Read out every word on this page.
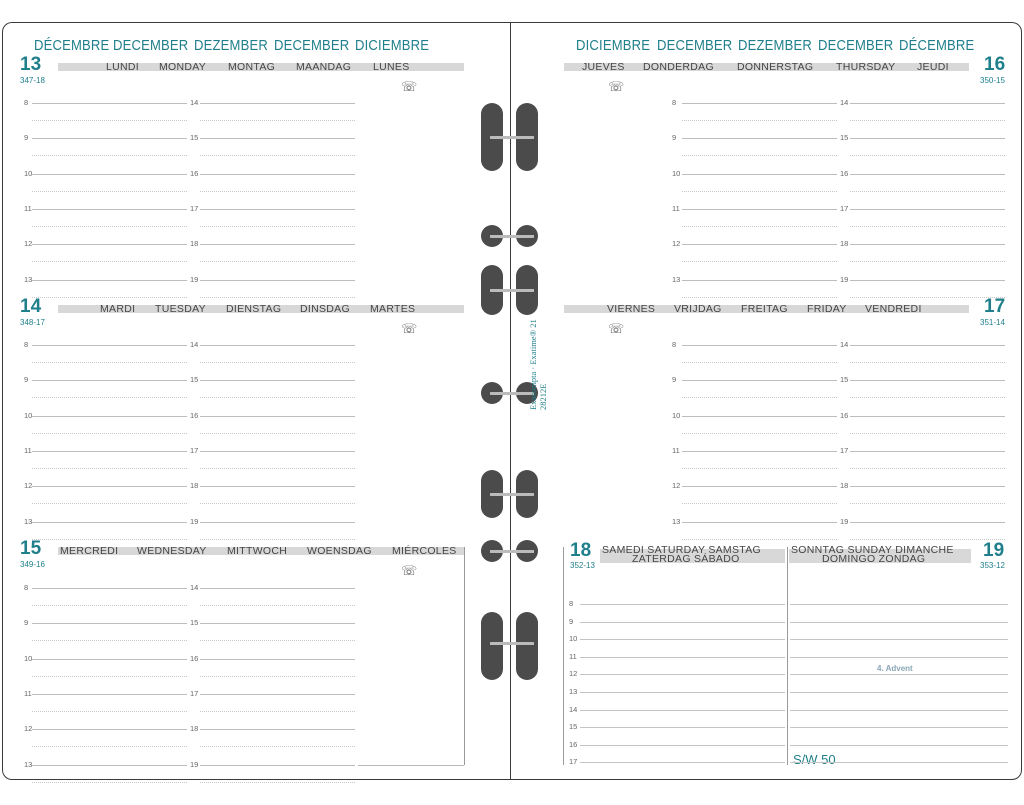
DÉCEMBRE DECEMBER DEZEMBER DECEMBER DICIEMBRE	DICIEMBRE DECEMBER DEZEMBER DECEMBER DÉCEMBRE
13
347-18
LUNDI MONDAY MONTAG MAANDAG LUNES
☏
14
348-17
MARDI TUESDAY DIENSTAG DINSDAG MARTES
☏
15
349-16
MERCREDI WEDNESDAY MITTWOCH WOENSDAG MIÉRCOLES
☏
Exacompta · Exatime® 21
28212E
16
350-15
JUEVES DONDERDAG DONNERSTAG THURSDAY JEUDI
☏
17
351-14
VIERNES VRIJDAG FREITAG FRIDAY VENDREDI
☏
18
352-13
SAMEDI SATURDAY SAMSTAG
ZATERDAG SÁBADO	19
353-12
SONNTAG SUNDAY DIMANCHE
DOMINGO ZONDAG
4. Advent
S/W 50
8	14
9	15
10	16
11	17
12	18
13	19
8	14
9	15
10	16
11	17
12	18
13	19
8	14
9	15
10	16
11	17
12	18
13	19
8	14
9	15
10	16
11	17
12	18
13	19
8	14
9	15
10	16
11	17
12	18
13	19
8
9
10
11
12
13
14
15
16
17
